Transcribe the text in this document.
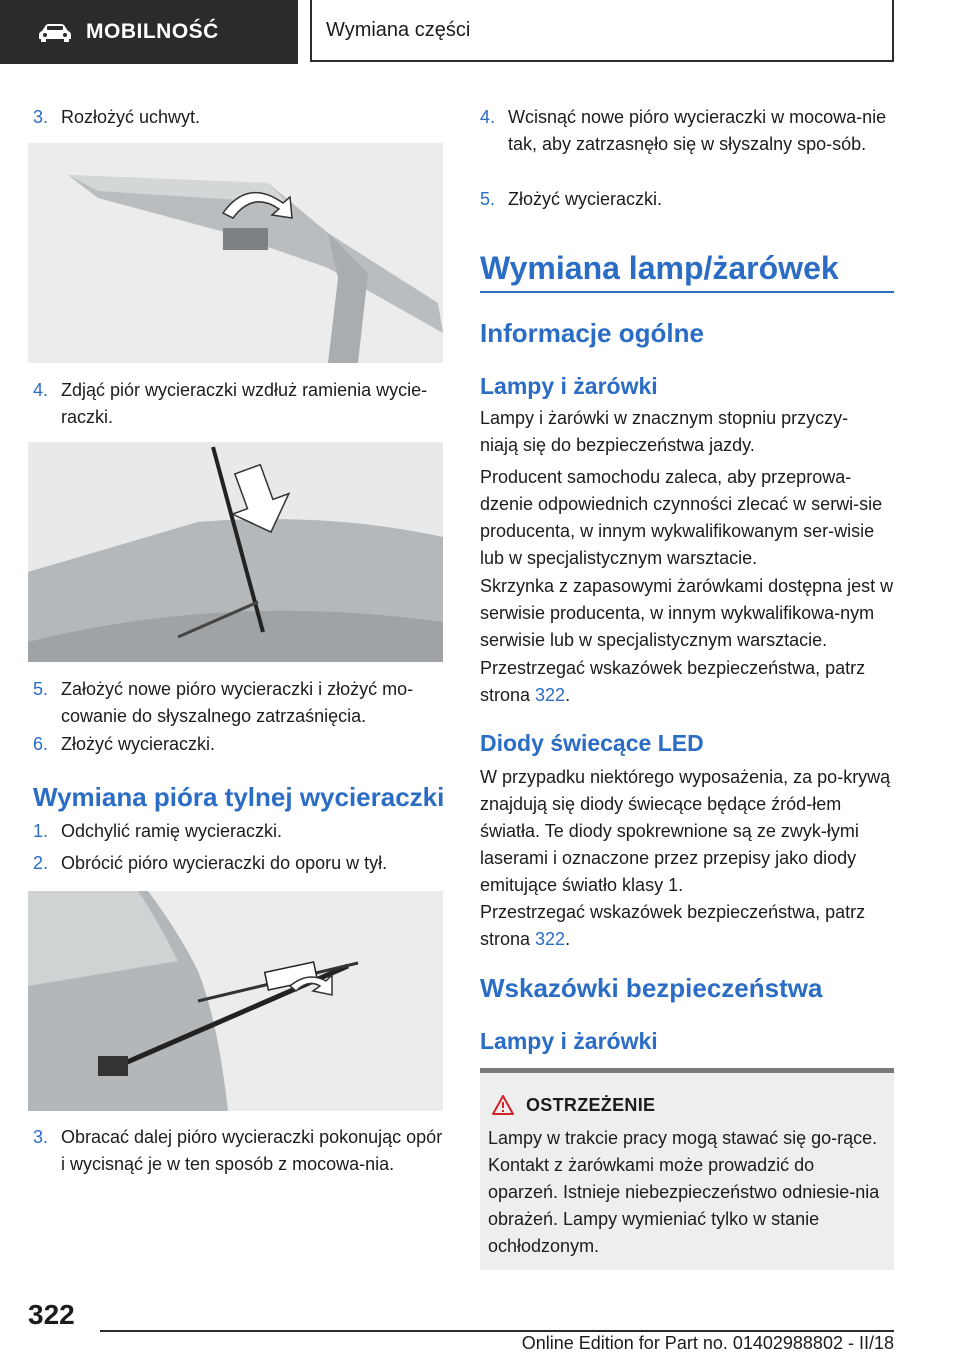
MOBILNOŚĆ	Wymiana części
3. Rozłożyć uchwyt.
4. Zdjąć piór wycieraczki wzdłuż ramienia wycie-raczki.
5. Założyć nowe pióro wycieraczki i złożyć mo-cowanie do słyszalnego zatrzaśnięcia.
6. Złożyć wycieraczki.
Wymiana pióra tylnej wycieraczki
1. Odchylić ramię wycieraczki.
2. Obrócić pióro wycieraczki do oporu w tył.
3. Obracać dalej pióro wycieraczki pokonując opór i wycisnąć je w ten sposób z mocowa-nia.
4. Wcisnąć nowe pióro wycieraczki w mocowa-nie tak, aby zatrzasnęło się w słyszalny spo-sób.
5. Złożyć wycieraczki.
Wymiana lamp/żarówek
Informacje ogólne
Lampy i żarówki

Lampy i żarówki w znacznym stopniu przyczy-niają się do bezpieczeństwa jazdy.

Producent samochodu zaleca, aby przeprowa-dzenie odpowiednich czynności zlecać w serwi-sie producenta, w innym wykwalifikowanym ser-wisie lub w specjalistycznym warsztacie.

Skrzynka z zapasowymi żarówkami dostępna jest w serwisie producenta, w innym wykwalifikowa-nym serwisie lub w specjalistycznym warsztacie.

Przestrzegać wskazówek bezpieczeństwa, patrz strona 322.

Diody świecące LED

W przypadku niektórego wyposażenia, za po-krywą znajdują się diody świecące będące źród-łem światła. Te diody spokrewnione są ze zwyk-łymi laserami i oznaczone przez przepisy jako diody emitujące światło klasy 1.

Przestrzegać wskazówek bezpieczeństwa, patrz strona 322.

Wskazówki bezpieczeństwa
Lampy i żarówki
OSTRZEŻENIE
Lampy w trakcie pracy mogą stawać się go-rące. Kontakt z żarówkami może prowadzić do oparzeń. Istnieje niebezpieczeństwo odniesie-nia obrażeń. Lampy wymieniać tylko w stanie ochłodzonym.
322
Online Edition for Part no. 01402988802 - II/18
